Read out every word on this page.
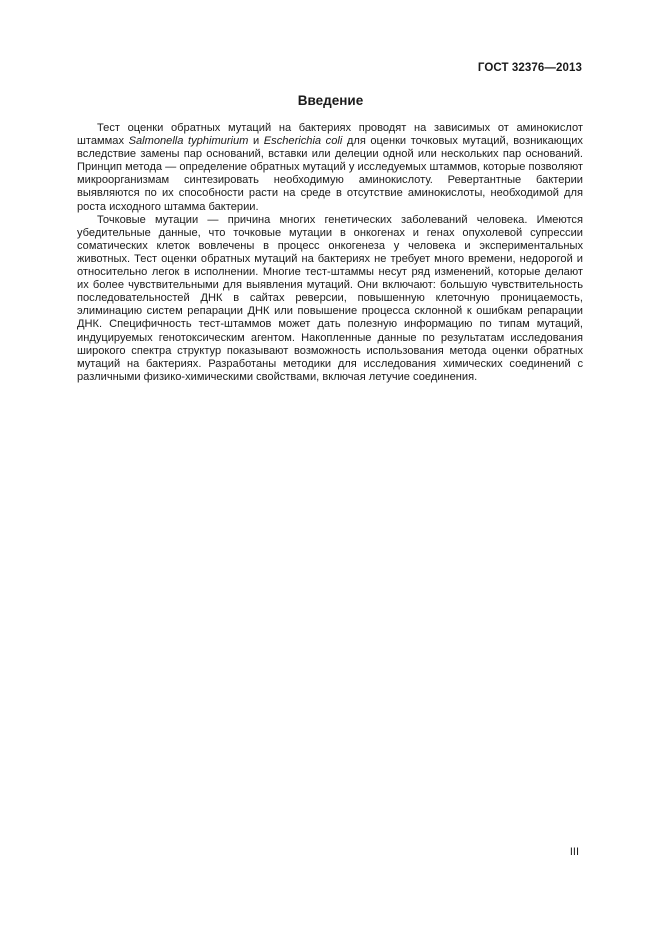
ГОСТ 32376—2013
Введение

Тест оценки обратных мутаций на бактериях проводят на зависимых от аминокислот штаммах Salmonella typhimurium и Escherichia coli для оценки точковых мутаций, возникающих вследствие замены пар оснований, вставки или делеции одной или нескольких пар оснований. Принцип метода — определение обратных мутаций у исследуемых штаммов, которые позволяют микроорганизмам синтезировать необходимую аминокислоту. Ревертантные бактерии выявляются по их способности расти на среде в отсутствие аминокислоты, необходимой для роста исходного штамма бактерии.

Точковые мутации — причина многих генетических заболеваний человека. Имеются убедительные данные, что точковые мутации в онкогенах и генах опухолевой супрессии соматических клеток вовлечены в процесс онкогенеза у человека и экспериментальных животных. Тест оценки обратных мутаций на бактериях не требует много времени, недорогой и относительно легок в исполнении. Многие тест-штаммы несут ряд изменений, которые делают их более чувствительными для выявления мутаций. Они включают: большую чувствительность последовательностей ДНК в сайтах реверсии, повышенную клеточную проницаемость, элиминацию систем репарации ДНК или повышение процесса склонной к ошибкам репарации ДНК. Специфичность тест-штаммов может дать полезную информацию по типам мутаций, индуцируемых генотоксическим агентом. Накопленные данные по результатам исследования широкого спектра структур показывают возможность использования метода оценки обратных мутаций на бактериях. Разработаны методики для исследования химических соединений с различными физико-химическими свойствами, включая летучие соединения.

III
